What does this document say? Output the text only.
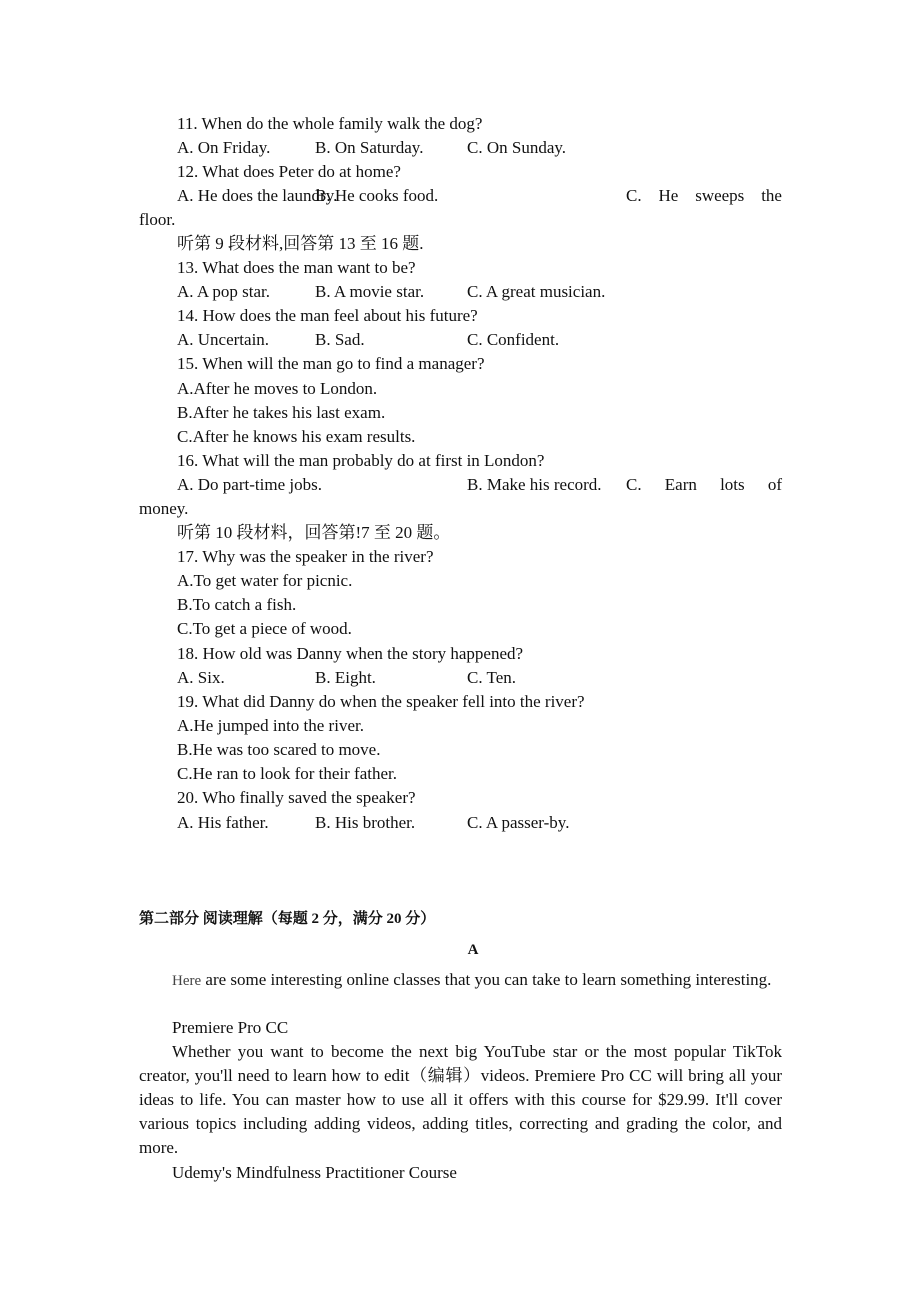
11. When do the whole family walk the dog?
A. On Friday.	B. On Saturday.	C. On Sunday.
12. What does Peter do at home?
A. He does the laundry.
B. He cooks food.	C. He sweeps the
floor.
听第 9 段材料,回答第 13 至 16 题.
13. What does the man want to be?
A. A pop star.	B. A movie star.	C. A great musician.
14. How does the man feel about his future?
A. Uncertain.	B. Sad.	C. Confident.
15. When will the man go to find a manager?
A.After he moves to London.
B.After he takes his last exam.
C.After he knows his exam results.
16. What will the man probably do at first in London?
A. Do part-time jobs.	B. Make his record. C. Earn lots of
money.
听第 10 段材料，回答第!7 至 20 题。
17. Why was the speaker in the river?
A.To get water for picnic.
B.To catch a fish.
C.To get a piece of wood.
18. How old was Danny when the story happened?
A. Six.	B. Eight.	C. Ten.
19. What did Danny do when the speaker fell into the river?
A.He jumped into the river.
B.He was too scared to move.
C.He ran to look for their father.
20. Who finally saved the speaker?
A. His father.	B. His brother.	C. A passer-by.
第二部分 阅读理解（每题 2 分，满分 20 分）
A
Here are some interesting online classes that you can take to learn something interesting.
Premiere Pro CC
Whether you want to become the next big YouTube star or the most popular TikTok creator, you'll need to learn how to edit（编辑）videos. Premiere Pro CC will bring all your ideas to life. You can master how to use all it offers with this course for $29.99. It'll cover various topics including adding videos, adding titles, correcting and grading the color, and more.
Udemy's Mindfulness Practitioner Course
